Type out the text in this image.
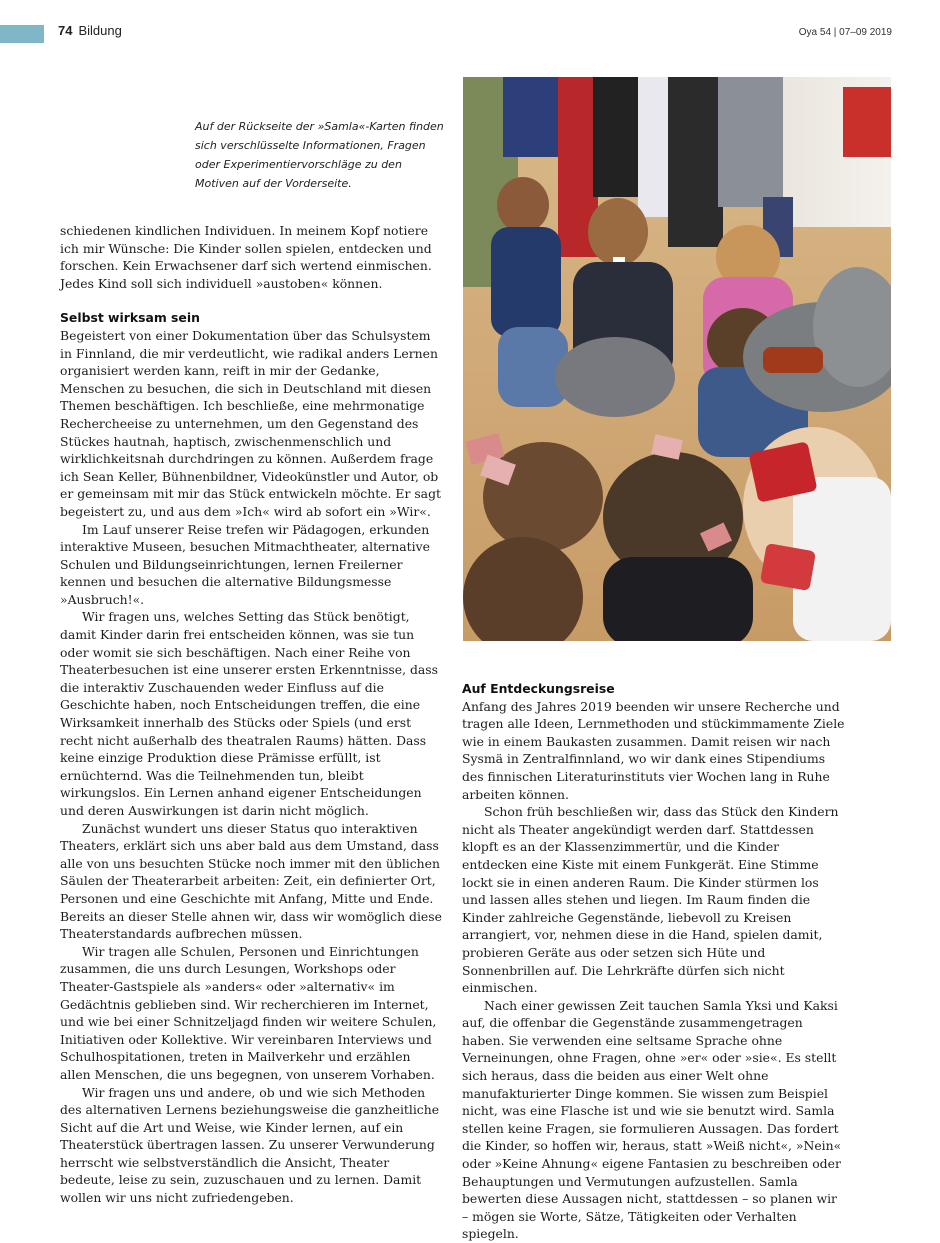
74 Bildung	Oya 54 | 07–09 2019
Auf der Rückseite der »Samla«-Karten finden sich verschlüsselte Informationen, Fragen oder Experimentiervorschläge zu den Motiven auf der Vorderseite.

schiedenen kindlichen Individuen. In meinem Kopf notiere ich mir Wünsche: Die Kinder sollen spielen, entdecken und forschen. Kein Erwachsener darf sich wertend einmischen. Jedes Kind soll sich individuell »austoben« können.

Selbst wirksam sein

Begeistert von einer Dokumentation über das Schulsystem in Finnland, die mir verdeutlicht, wie radikal anders Lernen organisiert werden kann, reift in mir der Gedanke, Menschen zu besuchen, die sich in Deutschland mit diesen Themen beschäftigen. Ich beschließe, eine mehrmonatige Rechercheeise zu unternehmen, um den Gegenstand des Stückes hautnah, haptisch, zwischenmenschlich und wirklichkeitsnah durchdringen zu können. Außerdem frage ich Sean Keller, Bühnenbildner, Videokünstler und Autor, ob er gemeinsam mit mir das Stück entwickeln möchte. Er sagt begeistert zu, und aus dem »Ich« wird ab sofort ein »Wir«.

Im Lauf unserer Reise trefen wir Pädagogen, erkunden interaktive Museen, besuchen Mitmachtheater, alternative Schulen und Bildungseinrichtungen, lernen Freilerner kennen und besuchen die alternative Bildungsmesse »Ausbruch!«.

Wir fragen uns, welches Setting das Stück benötigt, damit Kinder darin frei entscheiden können, was sie tun oder womit sie sich beschäftigen. Nach einer Reihe von Theaterbesuchen ist eine unserer ersten Erkenntnisse, dass die interaktiv Zuschauenden weder Einfluss auf die Geschichte haben, noch Entscheidungen treffen, die eine Wirksamkeit innerhalb des Stücks oder Spiels (und erst recht nicht außerhalb des theatralen Raums) hätten. Dass keine einzige Produktion diese Prämisse erfüllt, ist ernüchternd. Was die Teilnehmenden tun, bleibt wirkungslos. Ein Lernen anhand eigener Entscheidungen und deren Auswirkungen ist darin nicht möglich.

Zunächst wundert uns dieser Status quo interaktiven Theaters, erklärt sich uns aber bald aus dem Umstand, dass alle von uns besuchten Stücke noch immer mit den üblichen Säulen der Theaterarbeit arbeiten: Zeit, ein definierter Ort, Personen und eine Geschichte mit Anfang, Mitte und Ende. Bereits an dieser Stelle ahnen wir, dass wir womöglich diese Theaterstandards aufbrechen müssen.

Wir tragen alle Schulen, Personen und Einrichtungen zusammen, die uns durch Lesungen, Workshops oder Theater-Gastspiele als »anders« oder »alternativ« im Gedächtnis geblieben sind. Wir recherchieren im Internet, und wie bei einer Schnitzeljagd finden wir weitere Schulen, Initiativen oder Kollektive. Wir vereinbaren Interviews und Schulhospitationen, treten in Mailverkehr und erzählen allen Menschen, die uns begegnen, von unserem Vorhaben.

Wir fragen uns und andere, ob und wie sich Methoden des alternativen Lernens beziehungsweise die ganzheitliche Sicht auf die Art und Weise, wie Kinder lernen, auf ein Theaterstück übertragen lassen. Zu unserer Verwunderung herrscht wie selbstverständlich die Ansicht, Theater bedeute, leise zu sein, zuzuschauen und zu lernen. Damit wollen wir uns nicht zufriedengeben.

Auf Entdeckungsreise

Anfang des Jahres 2019 beenden wir unsere Recherche und tragen alle Ideen, Lernmethoden und stückimmamente Ziele wie in einem Baukasten zusammen. Damit reisen wir nach Sysmä in Zentralfinnland, wo wir dank eines Stipendiums des finnischen Literaturinstituts vier Wochen lang in Ruhe arbeiten können.

Schon früh beschließen wir, dass das Stück den Kindern nicht als Theater angekündigt werden darf. Stattdessen klopft es an der Klassenzimmertür, und die Kinder entdecken eine Kiste mit einem Funkgerät. Eine Stimme lockt sie in einen anderen Raum. Die Kinder stürmen los und lassen alles stehen und liegen. Im Raum finden die Kinder zahlreiche Gegenstände, liebevoll zu Kreisen arrangiert, vor, nehmen diese in die Hand, spielen damit, probieren Geräte aus oder setzen sich Hüte und Sonnenbrillen auf. Die Lehrkräfte dürfen sich nicht einmischen.

Nach einer gewissen Zeit tauchen Samla Yksi und Kaksi auf, die offenbar die Gegenstände zusammengetragen haben. Sie verwenden eine seltsame Sprache ohne Verneinungen, ohne Fragen, ohne »er« oder »sie«. Es stellt sich heraus, dass die beiden aus einer Welt ohne manufakturierter Dinge kommen. Sie wissen zum Beispiel nicht, was eine Flasche ist und wie sie benutzt wird. Samla stellen keine Fragen, sie formulieren Aussagen. Das fordert die Kinder, so hoffen wir, heraus, statt »Weiß nicht«, »Nein« oder »Keine Ahnung« eigene Fantasien zu beschreiben oder Behauptungen und Vermutungen aufzustellen. Samla bewerten diese Aussagen nicht, stattdessen – so planen wir – mögen sie Worte, Sätze, Tätigkeiten oder Verhalten spiegeln.
